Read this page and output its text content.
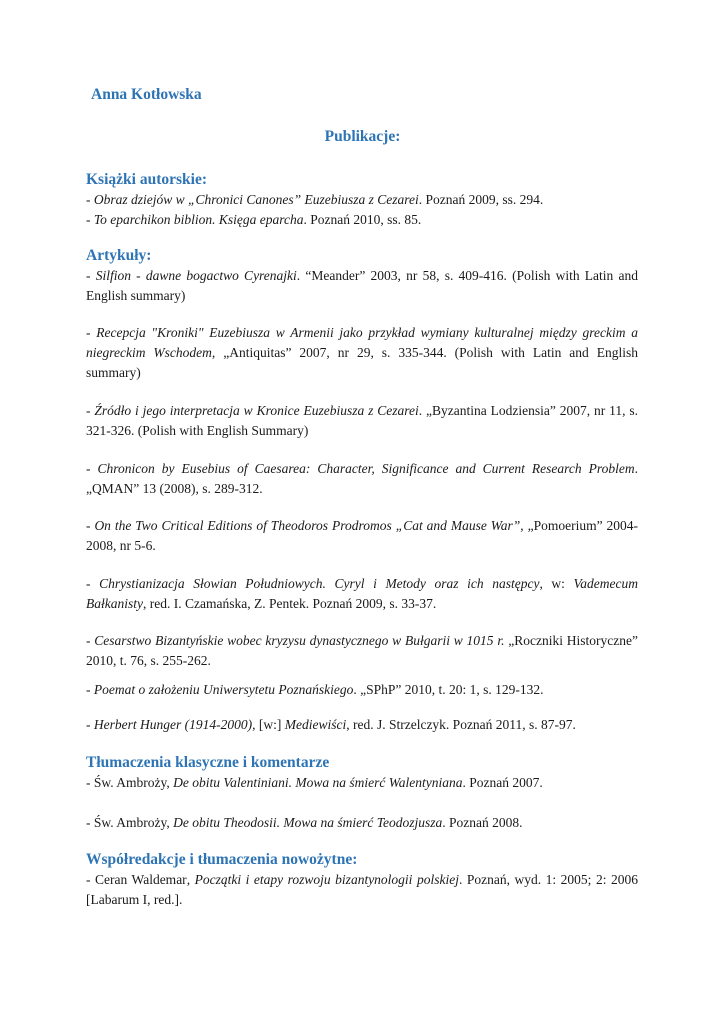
Anna Kotłowska
Publikacje:
Książki autorskie:
- Obraz dziejów w „Chronici Canones” Euzebiusza z Cezarei. Poznań 2009, ss. 294.
- To eparchikon biblion. Księga eparcha. Poznań 2010, ss. 85.
Artykuły:
- Silfion - dawne bogactwo Cyrenajki. “Meander” 2003, nr 58, s. 409-416. (Polish with Latin and English summary)
- Recepcja "Kroniki" Euzebiusza w Armenii jako przykład wymiany kulturalnej między greckim a niegreckim Wschodem, „Antiquitas” 2007, nr 29, s. 335-344. (Polish with Latin and English summary)
- Źródło i jego interpretacja w Kronice Euzebiusza z Cezarei. „Byzantina Lodziensia” 2007, nr 11, s. 321-326. (Polish with English Summary)
- Chronicon by Eusebius of Caesarea: Character, Significance and Current Research Problem. „QMAN” 13 (2008), s. 289-312.
- On the Two Critical Editions of Theodoros Prodromos „Cat and Mause War”, „Pomoerium” 2004-2008, nr 5-6.
- Chrystianizacja Słowian Południowych. Cyryl i Metody oraz ich następcy, w: Vademecum Bałkanisty, red. I. Czamańska, Z. Pentek. Poznań 2009, s. 33-37.
- Cesarstwo Bizantyńskie wobec kryzysu dynastycznego w Bułgarii w 1015 r. „Roczniki Historyczne” 2010, t. 76, s. 255-262.
- Poemat o założeniu Uniwersytetu Poznańskiego. „SPhP” 2010, t. 20: 1, s. 129-132.
- Herbert Hunger (1914-2000), [w:] Mediewiści, red. J. Strzelczyk. Poznań 2011, s. 87-97.
Tłumaczenia klasyczne i komentarze
- Św. Ambroży, De obitu Valentiniani. Mowa na śmierć Walentyniana. Poznań 2007.
- Św. Ambroży, De obitu Theodosii. Mowa na śmierć Teodozjusza. Poznań 2008.
Współredakcje i tłumaczenia nowożytne:
- Ceran Waldemar, Początki i etapy rozwoju bizantynologii polskiej. Poznań, wyd. 1: 2005; 2: 2006 [Labarum I, red.].
